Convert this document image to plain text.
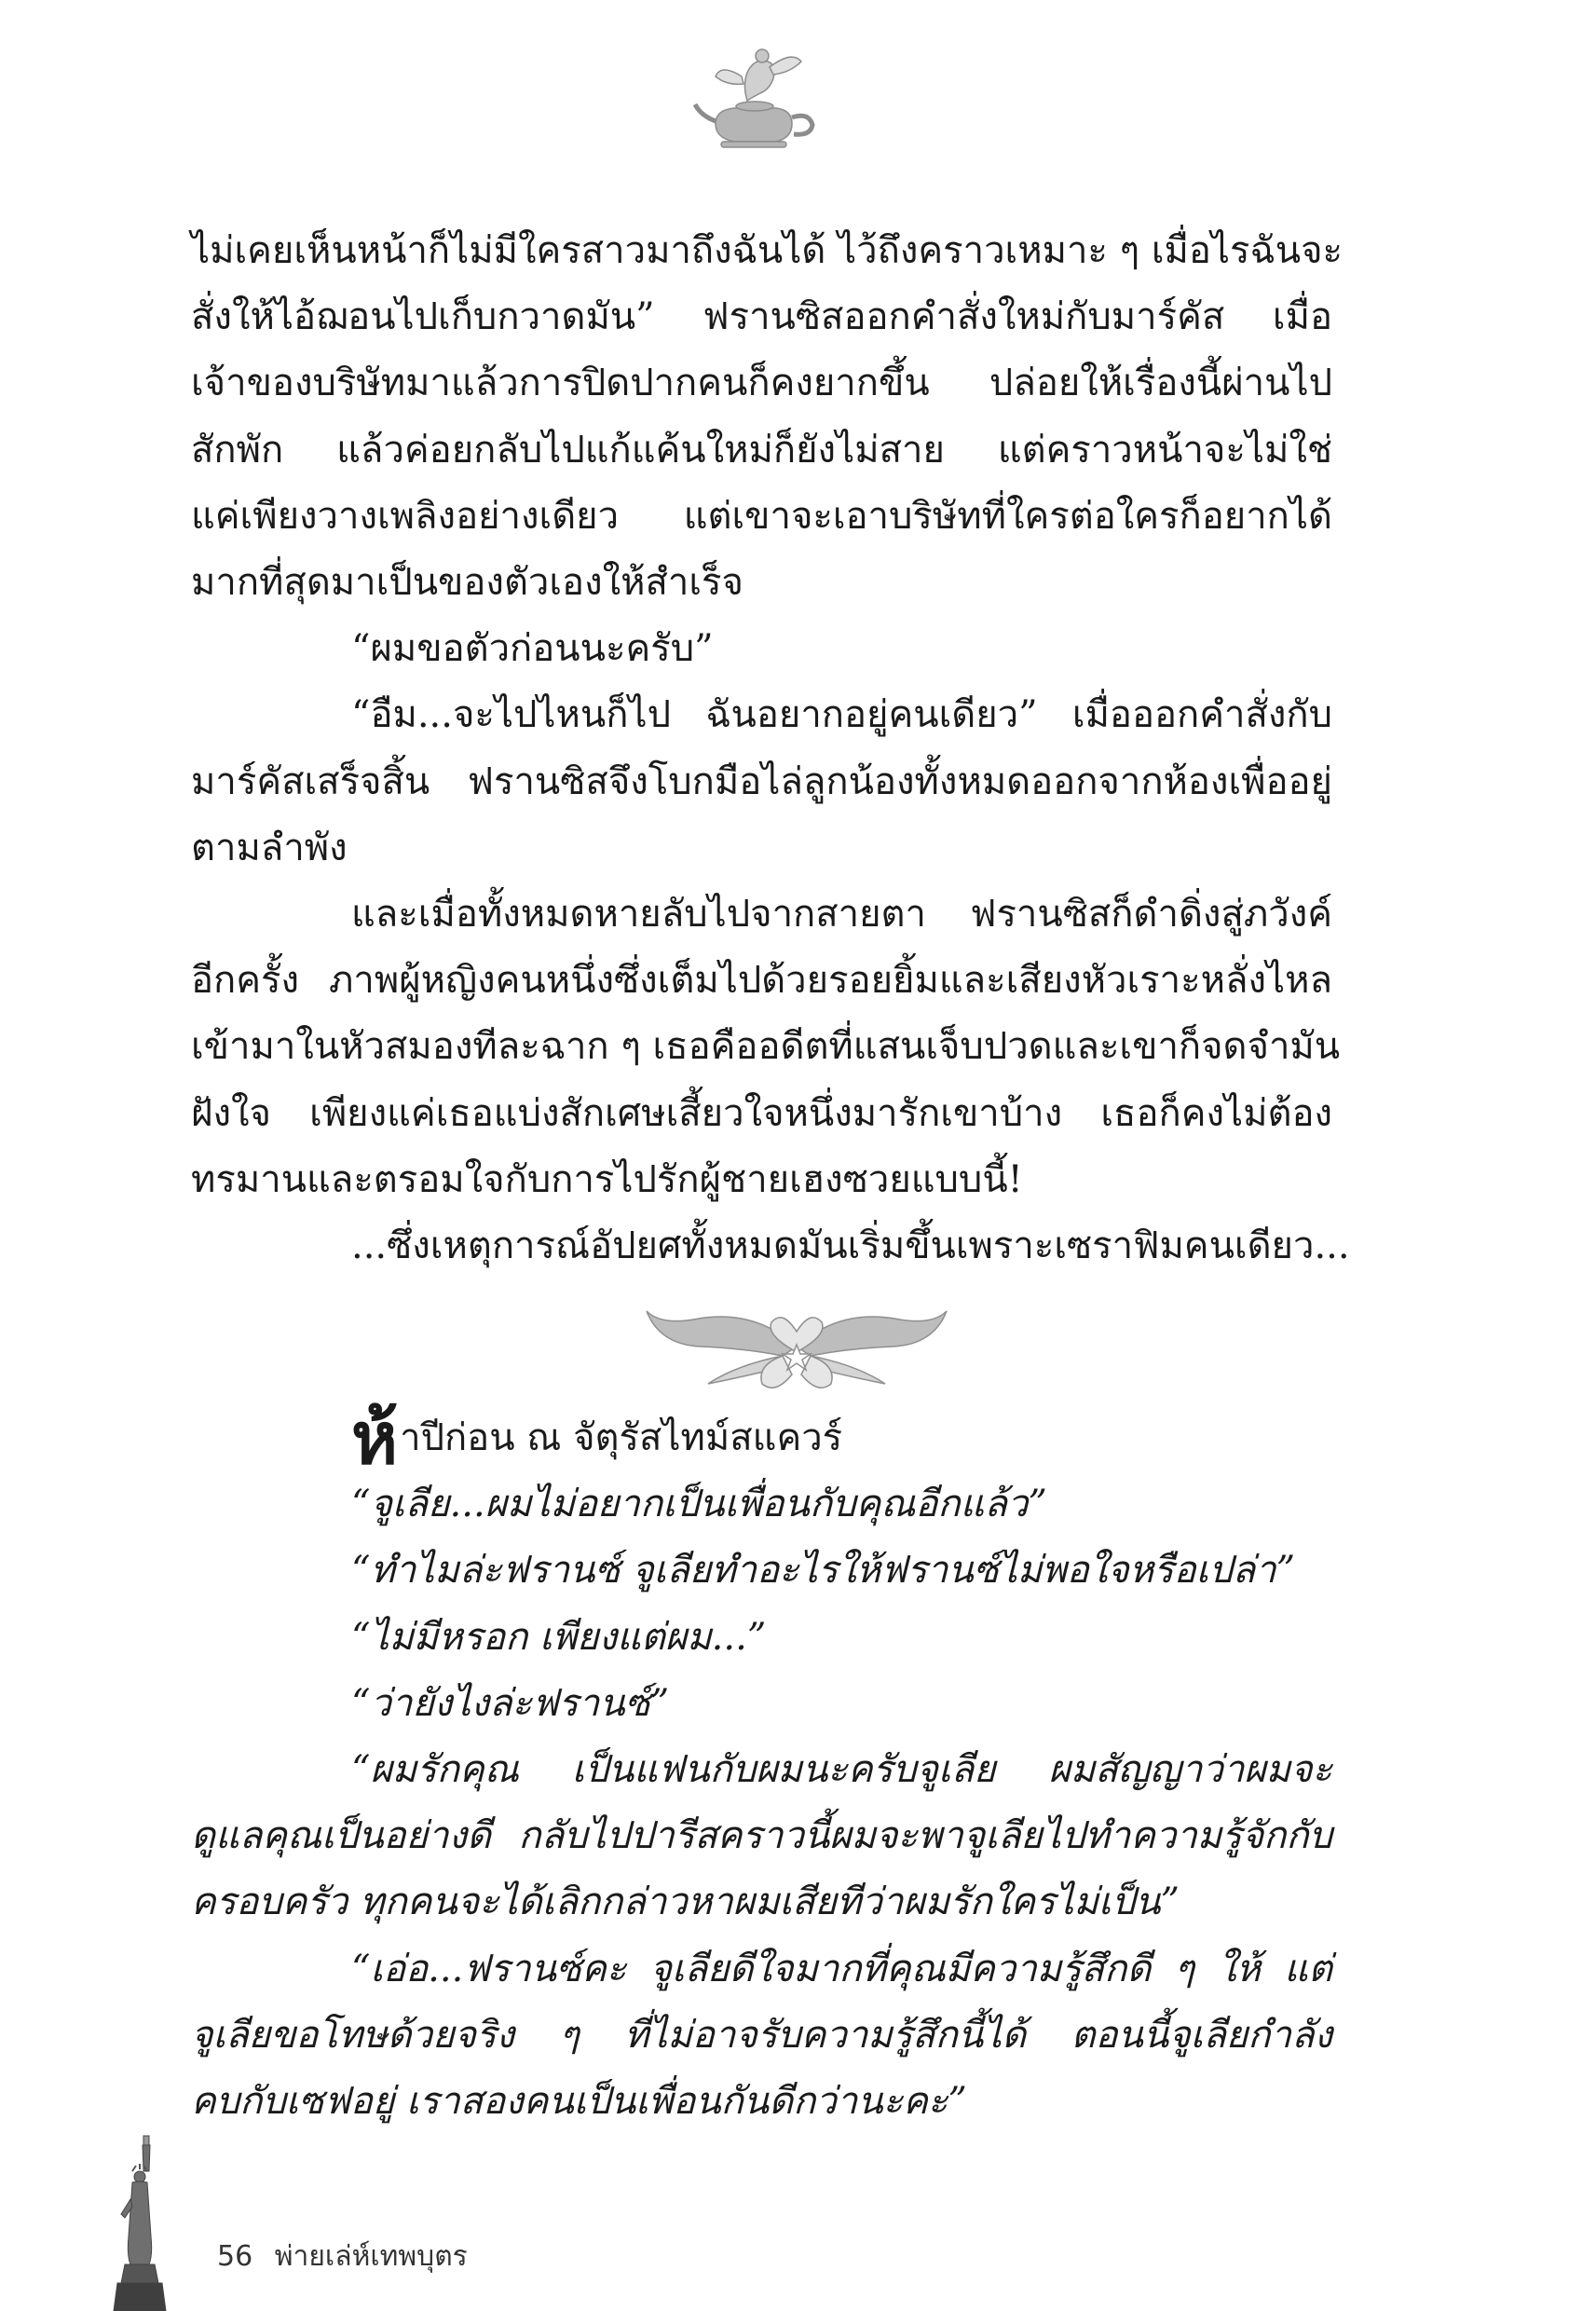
ไม่เคยเห็นหน้าก็ไม่มีใครสาวมาถึงฉันได้ ไว้ถึงคราวเหมาะ ๆ เมื่อไรฉันจะ
สั่งให้ไอ้ฌอนไปเก็บกวาดมัน” ฟรานซิสออกคำสั่งใหม่กับมาร์คัส เมื่อ
เจ้าของบริษัทมาแล้วการปิดปากคนก็คงยากขึ้น ปล่อยให้เรื่องนี้ผ่านไป
สักพัก แล้วค่อยกลับไปแก้แค้นใหม่ก็ยังไม่สาย แต่คราวหน้าจะไม่ใช่
แค่เพียงวางเพลิงอย่างเดียว แต่เขาจะเอาบริษัทที่ใครต่อใครก็อยากได้
มากที่สุดมาเป็นของตัวเองให้สำเร็จ
“ผมขอตัวก่อนนะครับ”
“อืม...จะไปไหนก็ไป ฉันอยากอยู่คนเดียว” เมื่อออกคำสั่งกับ
มาร์คัสเสร็จสิ้น ฟรานซิสจึงโบกมือไล่ลูกน้องทั้งหมดออกจากห้องเพื่ออยู่
ตามลำพัง
และเมื่อทั้งหมดหายลับไปจากสายตา ฟรานซิสก็ดำดิ่งสู่ภวังค์
อีกครั้ง ภาพผู้หญิงคนหนึ่งซึ่งเต็มไปด้วยรอยยิ้มและเสียงหัวเราะหลั่งไหล
เข้ามาในหัวสมองทีละฉาก ๆ เธอคืออดีตที่แสนเจ็บปวดและเขาก็จดจำมัน
ฝังใจ เพียงแค่เธอแบ่งสักเศษเสี้ยวใจหนึ่งมารักเขาบ้าง เธอก็คงไม่ต้อง
ทรมานและตรอมใจกับการไปรักผู้ชายเฮงซวยแบบนี้!
...ซึ่งเหตุการณ์อัปยศทั้งหมดมันเริ่มขึ้นเพราะเซราฟิมคนเดียว...
ห้าปีก่อน ณ จัตุรัสไทม์สแควร์
“จูเลีย...ผมไม่อยากเป็นเพื่อนกับคุณอีกแล้ว”
“ทำไมล่ะฟรานซ์ จูเลียทำอะไรให้ฟรานซ์ไม่พอใจหรือเปล่า”
“ไม่มีหรอก เพียงแต่ผม...”
“ว่ายังไงล่ะฟรานซ์”
“ผมรักคุณ เป็นแฟนกับผมนะครับจูเลีย ผมสัญญาว่าผมจะ
ดูแลคุณเป็นอย่างดี กลับไปปารีสคราวนี้ผมจะพาจูเลียไปทำความรู้จักกับ
ครอบครัว ทุกคนจะได้เลิกกล่าวหาผมเสียทีว่าผมรักใครไม่เป็น”
“เอ่อ...ฟรานซ์คะ จูเลียดีใจมากที่คุณมีความรู้สึกดี ๆ ให้ แต่
จูเลียขอโทษด้วยจริง ๆ ที่ไม่อาจรับความรู้สึกนี้ได้ ตอนนี้จูเลียกำลัง
คบกับเซฟอยู่ เราสองคนเป็นเพื่อนกันดีกว่านะคะ”
56 พ่ายเล่ห์เทพบุตร
